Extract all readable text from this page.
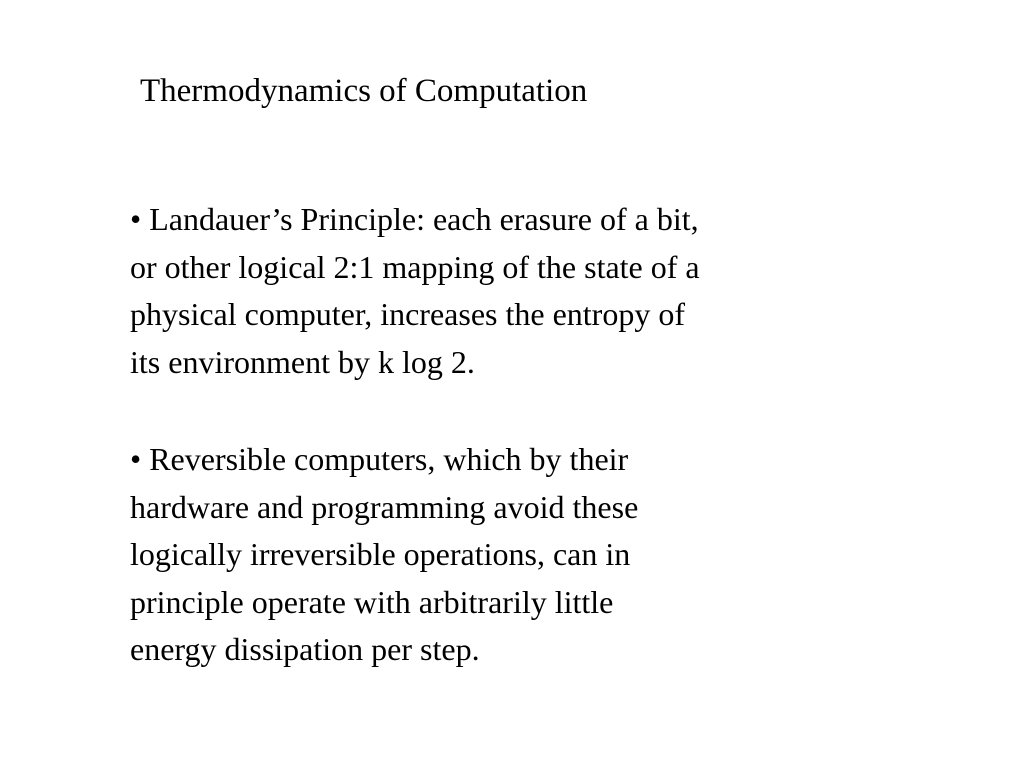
Thermodynamics of Computation

• Landauer’s Principle: each erasure of a bit,
or other logical 2:1 mapping of the state of a
physical computer, increases the entropy of
its environment by k log 2.

• Reversible computers, which by their
hardware and programming avoid these
logically irreversible operations, can in
principle operate with arbitrarily little
energy dissipation per step.
